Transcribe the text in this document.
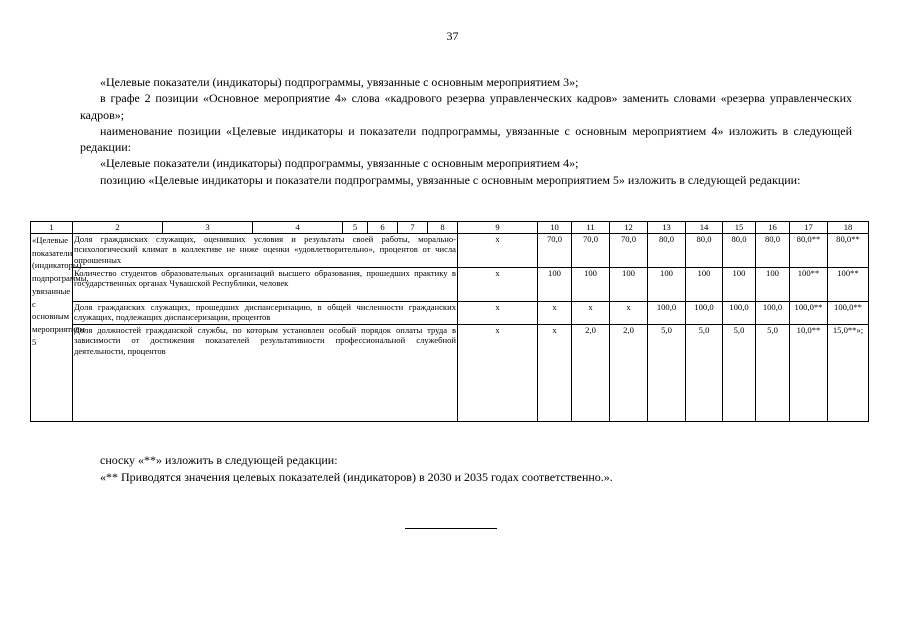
37

«Целевые показатели (индикаторы) подпрограммы, увязанные с основным мероприятием 3»;

в графе 2 позиции «Основное мероприятие 4» слова «кадрового резерва управленческих кадров» заменить словами «резерва управленческих кадров»;

наименование позиции «Целевые индикаторы и показатели подпрограммы, увязанные с основным мероприятием 4» изложить в следующей редакции:

«Целевые показатели (индикаторы) подпрограммы, увязанные с основным мероприятием 4»;

позицию «Целевые индикаторы и показатели подпрограммы, увязанные с основным мероприятием 5» изложить в следующей редакции:

1	2	3	4	5	6	7	8	9	10	11	12	13	14	15	16	17	18
«Целевые показатели (индикаторы) подпрограммы, увязанные с основным мероприятием 5	Доля гражданских служащих, оценивших условия и результаты своей работы, морально-психологический климат в коллективе не ниже оценки «удовлетворительно», процентов от числа опрошенных							x	70,0	70,0	70,0	80,0	80,0	80,0	80,0	80,0**	80,0**
	Количество студентов образовательных организаций высшего образования, прошедших практику в государственных органах Чувашской Республики, человек							x	100	100	100	100	100	100	100	100**	100**
	Доля гражданских служащих, прошедших диспансеризацию, в общей численности гражданских служащих, подлежащих диспансеризации, процентов							x	x	x	x	100,0	100,0	100,0	100,0	100,0**	100,0**
	Доля должностей гражданской службы, по которым установлен особый порядок оплаты труда в зависимости от достижения показателей результативности профессиональной служебной деятельности, процентов							x	x	2,0	2,0	5,0	5,0	5,0	5,0	10,0**	15,0**»;

сноску «**» изложить в следующей редакции:

«** Приводятся значения целевых показателей (индикаторов) в 2030 и 2035 годах соответственно.».
